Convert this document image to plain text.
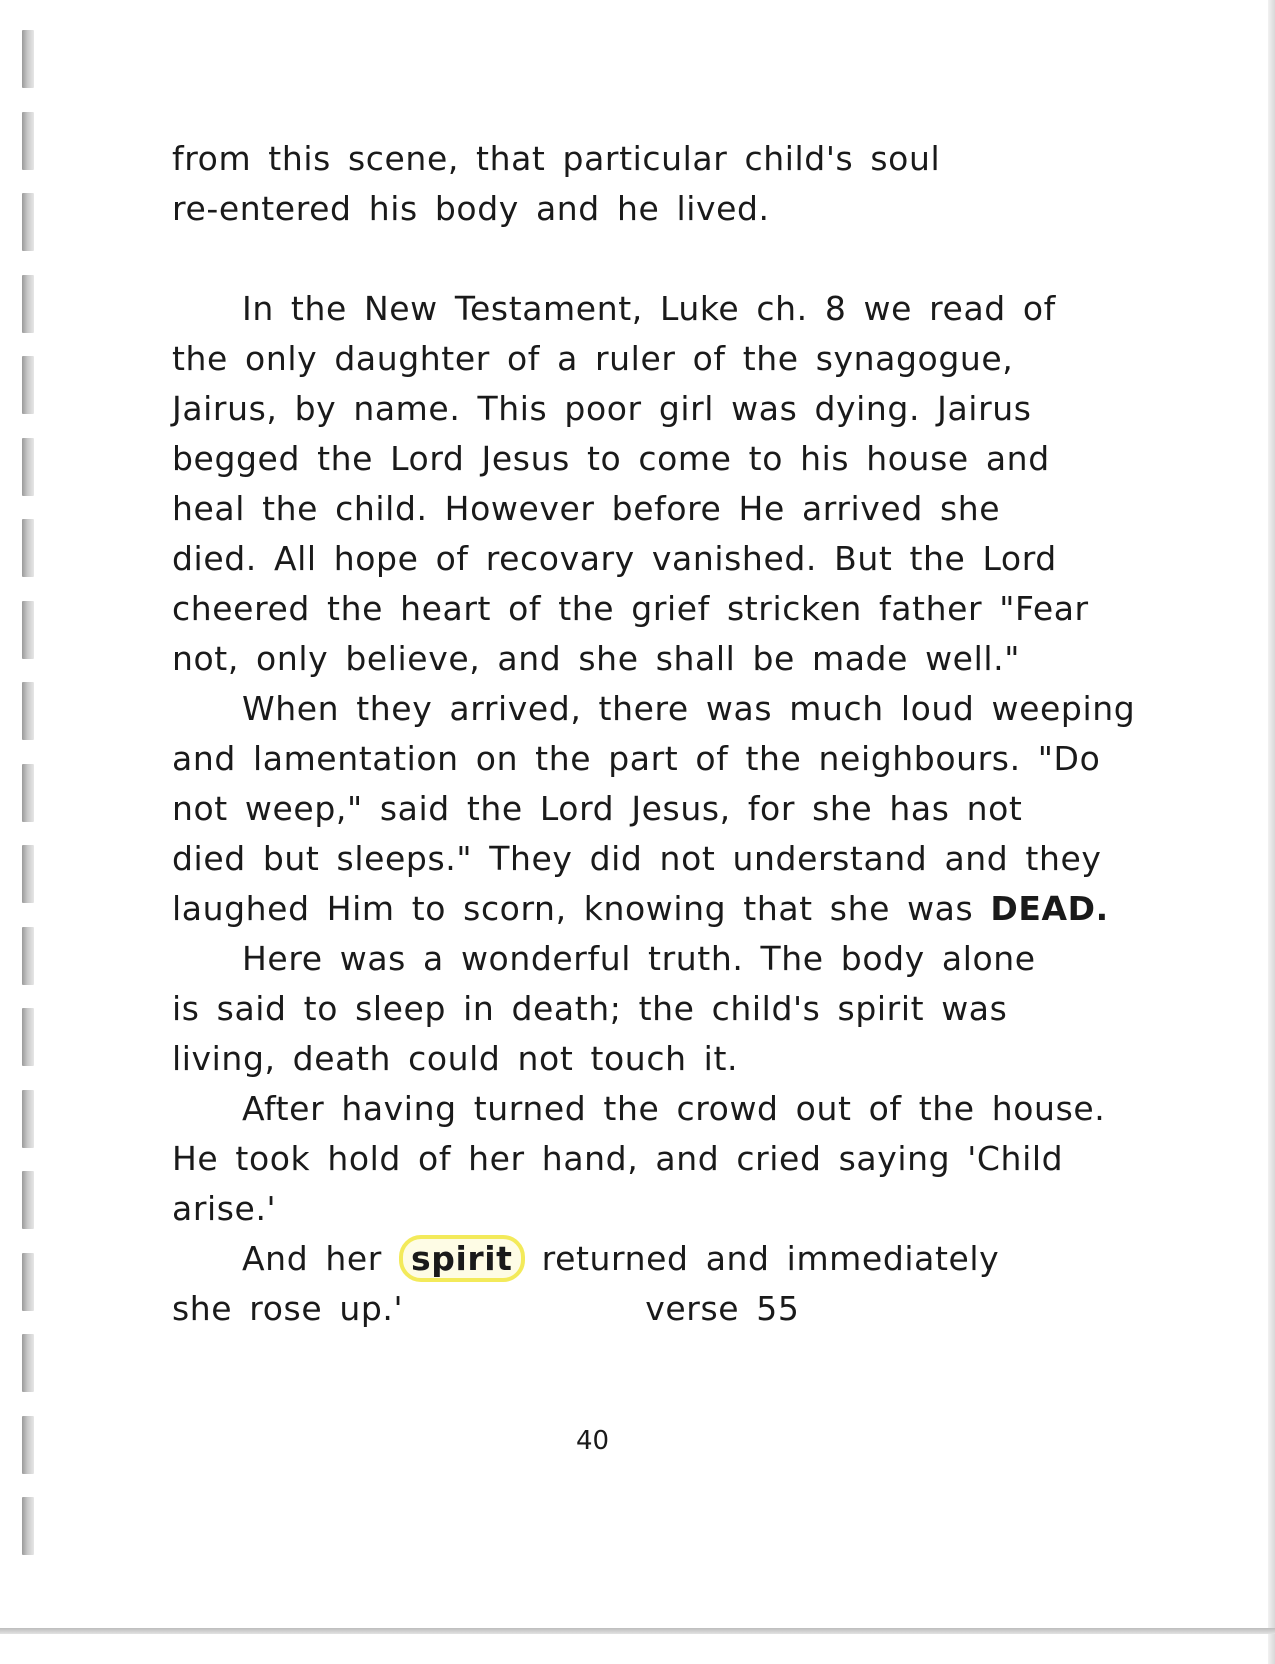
from this scene, that particular child's soul
re-entered his body and he lived.
In the New Testament, Luke ch. 8 we read of
the only daughter of a ruler of the synagogue,
Jairus, by name. This poor girl was dying. Jairus
begged the Lord Jesus to come to his house and
heal the child. However before He arrived she
died. All hope of recovary vanished. But the Lord
cheered the heart of the grief stricken father "Fear
not, only believe, and she shall be made well."
When they arrived, there was much loud weeping
and lamentation on the part of the neighbours. "Do
not weep," said the Lord Jesus, for she has not
died but sleeps." They did not understand and they
laughed Him to scorn, knowing that she was DEAD.
Here was a wonderful truth. The body alone
is said to sleep in death; the child's spirit was
living, death could not touch it.
After having turned the crowd out of the house.
He took hold of her hand, and cried saying 'Child
arise.'
And her spirit returned and immediately
she rose up.'	verse 55
40
